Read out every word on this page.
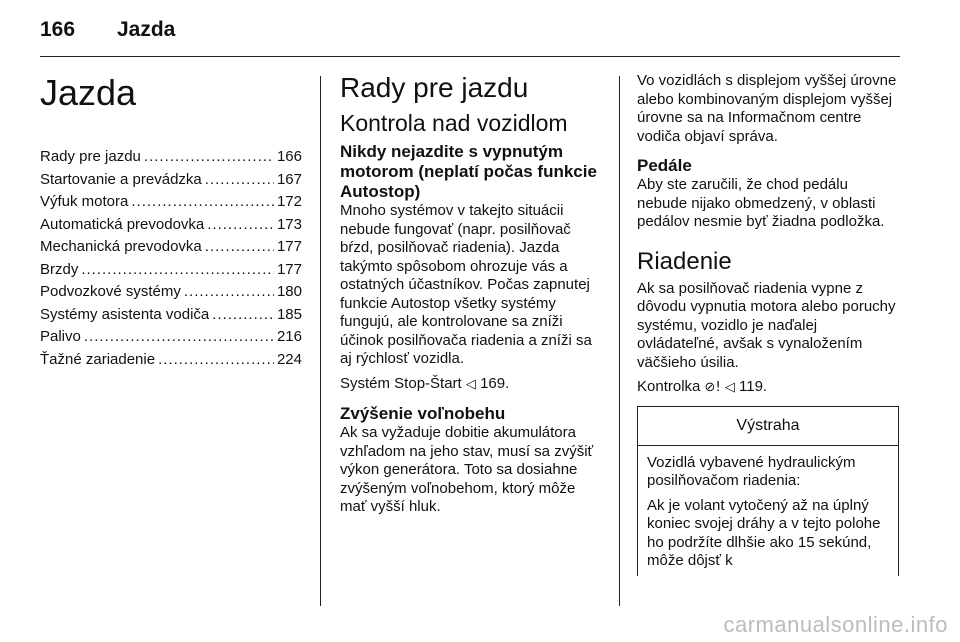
166 Jazda
Jazda
Rady pre jazdu .....	166
Startovanie a prevádzka .....	167
Výfuk motora .....	172
Automatická prevodovka .....	173
Mechanická prevodovka .....	177
Brzdy .....	177
Podvozkové systémy .....	180
Systémy asistenta vodiča .....	185
Palivo .....	216
Ťažné zariadenie .....	224
Rady pre jazdu
Kontrola nad vozidlom
Nikdy nejazdite s vypnutým motorom (neplatí počas funkcie Autostop)

Mnoho systémov v takejto situácii nebude fungovať (napr. posilňovač bŕzd, posilňovač riadenia). Jazda takýmto spôsobom ohrozuje vás a ostatných účastníkov. Počas zapnutej funkcie Autostop všetky systémy fungujú, ale kontrolovane sa zníži účinok posilňovača riadenia a zníži sa aj rýchlosť vozidla.

Systém Stop-Štart ◁ 169.

Zvýšenie voľnobehu

Ak sa vyžaduje dobitie akumulátora vzhľadom na jeho stav, musí sa zvýšiť výkon generátora. Toto sa dosiahne zvýšeným voľnobehom, ktorý môže mať vyšší hluk.

Vo vozidlách s displejom vyššej úrovne alebo kombinovaným displejom vyššej úrovne sa na Informačnom centre vodiča objaví správa.

Pedále

Aby ste zaručili, že chod pedálu nebude nijako obmedzený, v oblasti pedálov nesmie byť žiadna podložka.

Riadenie

Ak sa posilňovač riadenia vypne z dôvodu vypnutia motora alebo poruchy systému, vozidlo je naďalej ovládateľné, avšak s vynaložením väčšieho úsilia.

Kontrolka ⊘! ◁ 119.

Výstraha

Vozidlá vybavené hydraulickým posilňovačom riadenia:

Ak je volant vytočený až na úplný koniec svojej dráhy a v tejto polohe ho podržíte dlhšie ako 15 sekúnd, môže dôjsť k

carmanualsonline.info
